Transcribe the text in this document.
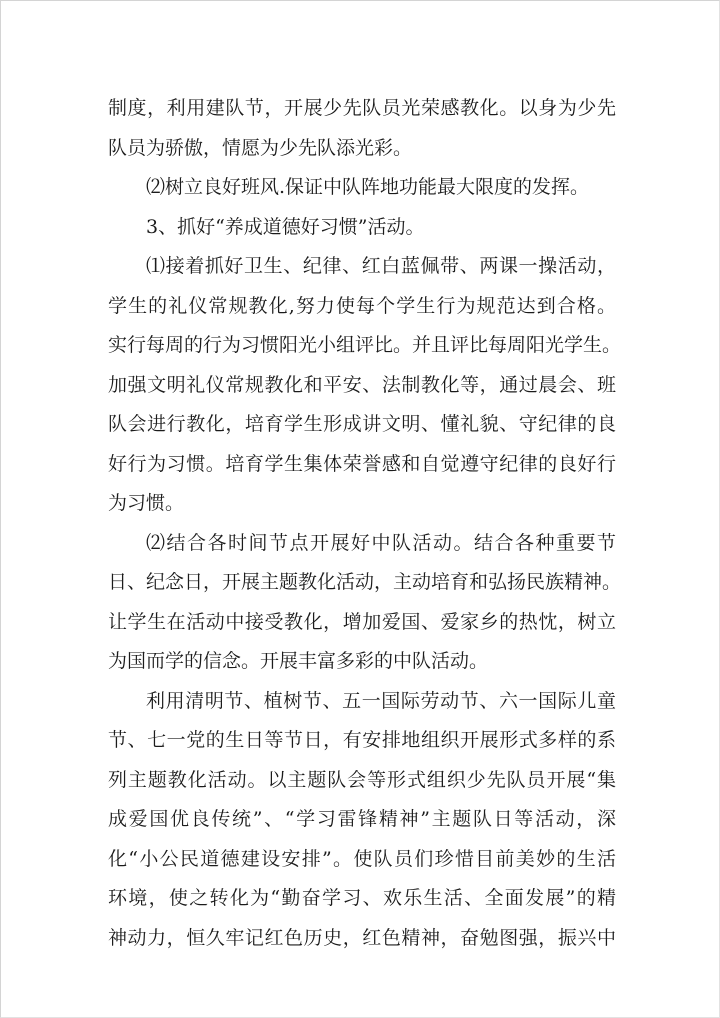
制度，利用建队节，开展少先队员光荣感教化。以身为少先
队员为骄傲，情愿为少先队添光彩。
⑵树立良好班风.保证中队阵地功能最大限度的发挥。
3、抓好“养成道德好习惯”活动。
⑴接着抓好卫生、纪律、红白蓝佩带、两课一操活动，
学生的礼仪常规教化,努力使每个学生行为规范达到合格。
实行每周的行为习惯阳光小组评比。并且评比每周阳光学生。
加强文明礼仪常规教化和平安、法制教化等，通过晨会、班
队会进行教化，培育学生形成讲文明、懂礼貌、守纪律的良
好行为习惯。培育学生集体荣誉感和自觉遵守纪律的良好行
为习惯。
⑵结合各时间节点开展好中队活动。结合各种重要节
日、纪念日，开展主题教化活动，主动培育和弘扬民族精神。
让学生在活动中接受教化，增加爱国、爱家乡的热忱，树立
为国而学的信念。开展丰富多彩的中队活动。
利用清明节、植树节、五一国际劳动节、六一国际儿童
节、七一党的生日等节日，有安排地组织开展形式多样的系
列主题教化活动。以主题队会等形式组织少先队员开展“集
成爱国优良传统”、“学习雷锋精神”主题队日等活动，深
化“小公民道德建设安排”。使队员们珍惜目前美妙的生活
环境，使之转化为“勤奋学习、欢乐生活、全面发展”的精
神动力，恒久牢记红色历史，红色精神，奋勉图强，振兴中
